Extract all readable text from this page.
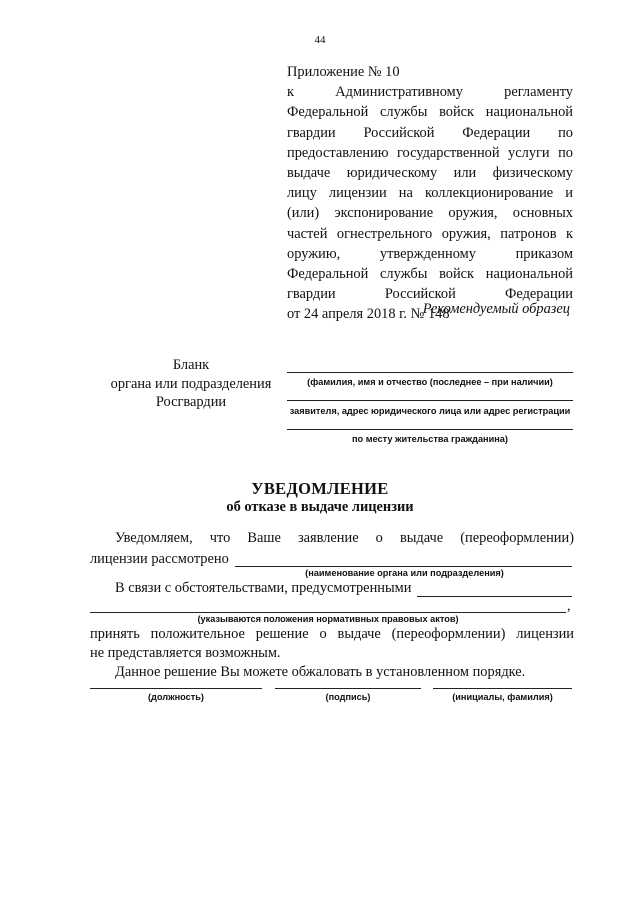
44
Приложение № 10
к Административному регламенту
Федеральной службы войск национальной
гвардии Российской Федерации по
предоставлению государственной услуги по
выдаче юридическому или физическому
лицу лицензии на коллекционирование и
(или) экспонирование оружия, основных
частей огнестрельного оружия, патронов к
оружию, утвержденному приказом
Федеральной службы войск национальной
гвардии Российской Федерации
от 24 апреля 2018 г. № 148
Рекомендуемый образец
Бланк
органа или подразделения
Росгвардии
(фамилия, имя и отчество (последнее – при наличии)
заявителя, адрес юридического лица или адрес регистрации
по месту жительства гражданина)
УВЕДОМЛЕНИЕ
об отказе в выдаче лицензии
Уведомляем, что Ваше заявление о выдаче (переоформлении)
лицензии рассмотрено
(наименование органа или подразделения)
В связи с обстоятельствами, предусмотренными
,
(указываются положения нормативных правовых актов)
принять положительное решение о выдаче (переоформлении) лицензии
не представляется возможным.
Данное решение Вы можете обжаловать в установленном порядке.
(должность)	(подпись)	(инициалы, фамилия)
